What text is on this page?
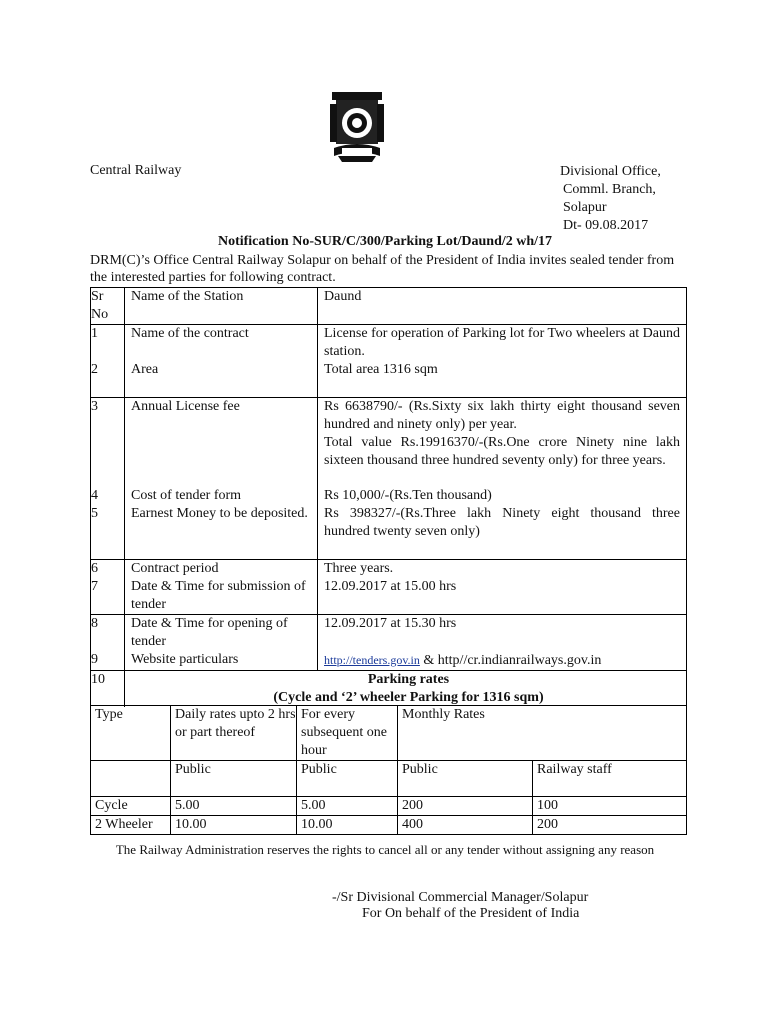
Central Railway	Divisional Office,
Comml. Branch,
Solapur
Dt- 09.08.2017
Notification No-SUR/C/300/Parking Lot/Daund/2 wh/17
DRM(C)’s Office Central Railway Solapur on behalf of the President of India invites sealed tender from the interested parties for following contract.
Sr No	Name of the Station	Daund
1	Name of the contract	License for operation of Parking lot for Two wheelers at Daund station.
2	Area	Total area 1316 sqm
3	Annual License fee	Rs 6638790/- (Rs.Sixty six lakh thirty eight thousand seven hundred and ninety only) per year.
Total value Rs.19916370/-(Rs.One crore Ninety nine lakh sixteen thousand three hundred seventy only) for three years.

4	Cost of tender form	Rs 10,000/-(Rs.Ten thousand)
5	Earnest Money to be deposited.	Rs 398327/-(Rs.Three lakh Ninety eight thousand three hundred twenty seven only)
6	Contract period	Three years.
7	Date & Time for submission of tender	12.09.2017 at 15.00 hrs
8	Date & Time for opening of tender	12.09.2017 at 15.30 hrs
9	Website particulars	http://tenders.gov.in & http//cr.indianrailways.gov.in
10	Parking rates
(Cycle and ‘2’ wheeler Parking for 1316 sqm)	
Type	Daily rates upto 2 hrs or part thereof	For every subsequent one hour	Monthly Rates	
	Public	Public	Public	Railway staff
Cycle	5.00	5.00	200	100
2 Wheeler	10.00	10.00	400	200
The Railway Administration reserves the rights to cancel all or any tender without assigning any reason
-/Sr Divisional Commercial Manager/Solapur
For On behalf of the President of India
